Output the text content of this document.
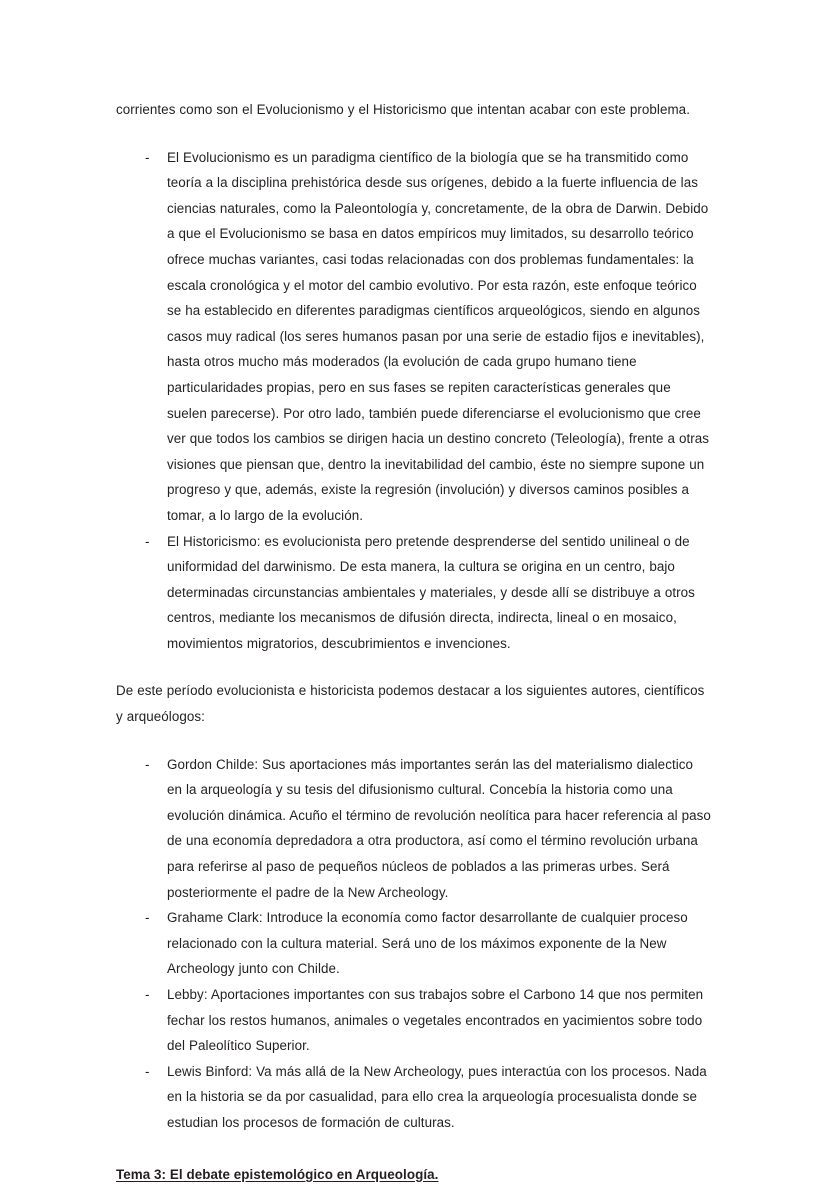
corrientes como son el Evolucionismo y el Historicismo que intentan acabar con este problema.

-	El Evolucionismo es un paradigma científico de la biología que se ha transmitido como teoría a la disciplina prehistórica desde sus orígenes, debido a la fuerte influencia de las ciencias naturales, como la Paleontología y, concretamente, de la obra de Darwin. Debido a que el Evolucionismo se basa en datos empíricos muy limitados, su desarrollo teórico ofrece muchas variantes, casi todas relacionadas con dos problemas fundamentales: la escala cronológica y el motor del cambio evolutivo. Por esta razón, este enfoque teórico se ha establecido en diferentes paradigmas científicos arqueológicos, siendo en algunos casos muy radical (los seres humanos pasan por una serie de estadio fijos e inevitables), hasta otros mucho más moderados (la evolución de cada grupo humano tiene particularidades propias, pero en sus fases se repiten características generales que suelen parecerse). Por otro lado, también puede diferenciarse el evolucionismo que cree ver que todos los cambios se dirigen hacia un destino concreto (Teleología), frente a otras visiones que piensan que, dentro la inevitabilidad del cambio, éste no siempre supone un progreso y que, además, existe la regresión (involución) y diversos caminos posibles a tomar, a lo largo de la evolución.
-	El Historicismo: es evolucionista pero pretende desprenderse del sentido unilineal o de uniformidad del darwinismo. De esta manera, la cultura se origina en un centro, bajo determinadas circunstancias ambientales y materiales, y desde allí se distribuye a otros centros, mediante los mecanismos de difusión directa, indirecta, lineal o en mosaico, movimientos migratorios, descubrimientos e invenciones.

De este período evolucionista e historicista podemos destacar a los siguientes autores, científicos y arqueólogos:

-	Gordon Childe: Sus aportaciones más importantes serán las del materialismo dialectico en la arqueología y su tesis del difusionismo cultural. Concebía la historia como una evolución dinámica. Acuño el término de revolución neolítica para hacer referencia al paso de una economía depredadora a otra productora, así como el término revolución urbana para referirse al paso de pequeños núcleos de poblados a las primeras urbes. Será posteriormente el padre de la New Archeology.
-	Grahame Clark: Introduce la economía como factor desarrollante de cualquier proceso relacionado con la cultura material. Será uno de los máximos exponente de la New Archeology junto con Childe.
-	Lebby: Aportaciones importantes con sus trabajos sobre el Carbono 14 que nos permiten fechar los restos humanos, animales o vegetales encontrados en yacimientos sobre todo del Paleolítico Superior.
-	Lewis Binford: Va más allá de la New Archeology, pues interactúa con los procesos. Nada en la historia se da por casualidad, para ello crea la arqueología procesualista donde se estudian los procesos de formación de culturas.
Tema 3: El debate epistemológico en Arqueología.
